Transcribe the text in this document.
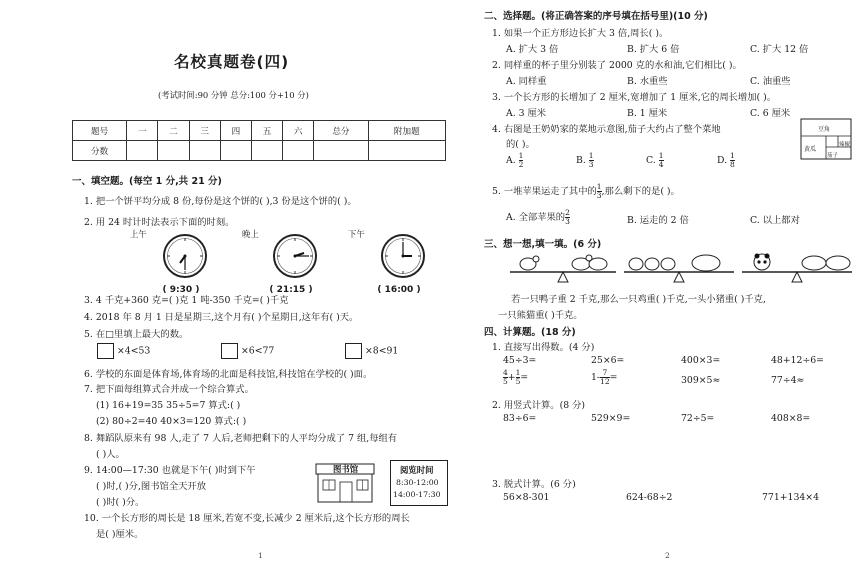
名校真题卷(四)
(考试时间:90 分钟 总分:100 分+10 分)
题号	一	二	三	四	五	六	总分	附加题
分数								
一、填空题。(每空 1 分,共 21 分)
1. 把一个饼平均分成 8 份,每份是这个饼的( ),3 份是这个饼的( )。
2. 用 24 时计时法表示下面的时刻。
上午
( 9:30 )
晚上
( 21:15 )
下午
( 16:00 )
3. 4 千克+360 克=( )克 1 吨-350 千克=( )千克
4. 2018 年 8 月 1 日是星期三,这个月有( )个星期日,这年有( )天。
5. 在□里填上最大的数。
×4<53	×6<77	×8<91
6. 学校的东面是体育场,体育场的北面是科技馆,科技馆在学校的( )面。
7. 把下面每组算式合并成一个综合算式。
(1) 16+19=35 35÷5=7 算式:( )
(2) 80÷2=40 40×3=120 算式:( )
8. 舞蹈队原来有 98 人,走了 7 人后,老师把剩下的人平均分成了 7 组,每组有
( )人。
9. 14:00—17:30 也就是下午( )时到下午
( )时,( )分,图书馆全天开放
( )时( )分。
图书馆	阅览时间
8:30-12:00
14:00-17:30
10. 一个长方形的周长是 18 厘米,若宽不变,长减少 2 厘米后,这个长方形的周长
是( )厘米。
1
二、选择题。(将正确答案的序号填在括号里)(10 分)
1. 如果一个正方形边长扩大 3 倍,周长( )。
A. 扩大 3 倍	B. 扩大 6 倍	C. 扩大 12 倍
2. 同样重的杯子里分别装了 2000 克的水和油,它们相比( )。
A. 同样重	B. 水重些	C. 油重些
3. 一个长方形的长增加了 2 厘米,宽增加了 1 厘米,它的周长增加( )。
A. 3 厘米	B. 1 厘米	C. 6 厘米
4. 右图是王奶奶家的菜地示意图,茄子大约占了整个菜地
的( )。
豆角
黄瓜
茄子
辣椒
A. $\frac{1}{2}$	B. $\frac{1}{3}$	C. $\frac{1}{4}$	D. $\frac{1}{8}$
5. 一堆苹果运走了其中的 $\frac{1}{3}$ ,那么剩下的是( )。
A. 全部苹果的 $\frac{2}{3}$	B. 运走的 2 倍	C. 以上都对
三、想一想,填一填。(6 分)
若一只鸭子重 2 千克,那么一只鸡重( )千克,一头小猪重( )千克,
一只熊猫重( )千克。
四、计算题。(18 分)
1. 直接写出得数。(4 分)
45÷3=	25×6=	400×3=	48+12÷6=
$\frac{4}{5} + \frac{1}{5}$ =	$1- \frac{7}{12}$ =	309×5≈	77÷4≈
2. 用竖式计算。(8 分)
83÷6=	529×9=	72÷5=	408×8=
3. 脱式计算。(6 分)
56×8-301	624-68÷2	771+134×4
2
